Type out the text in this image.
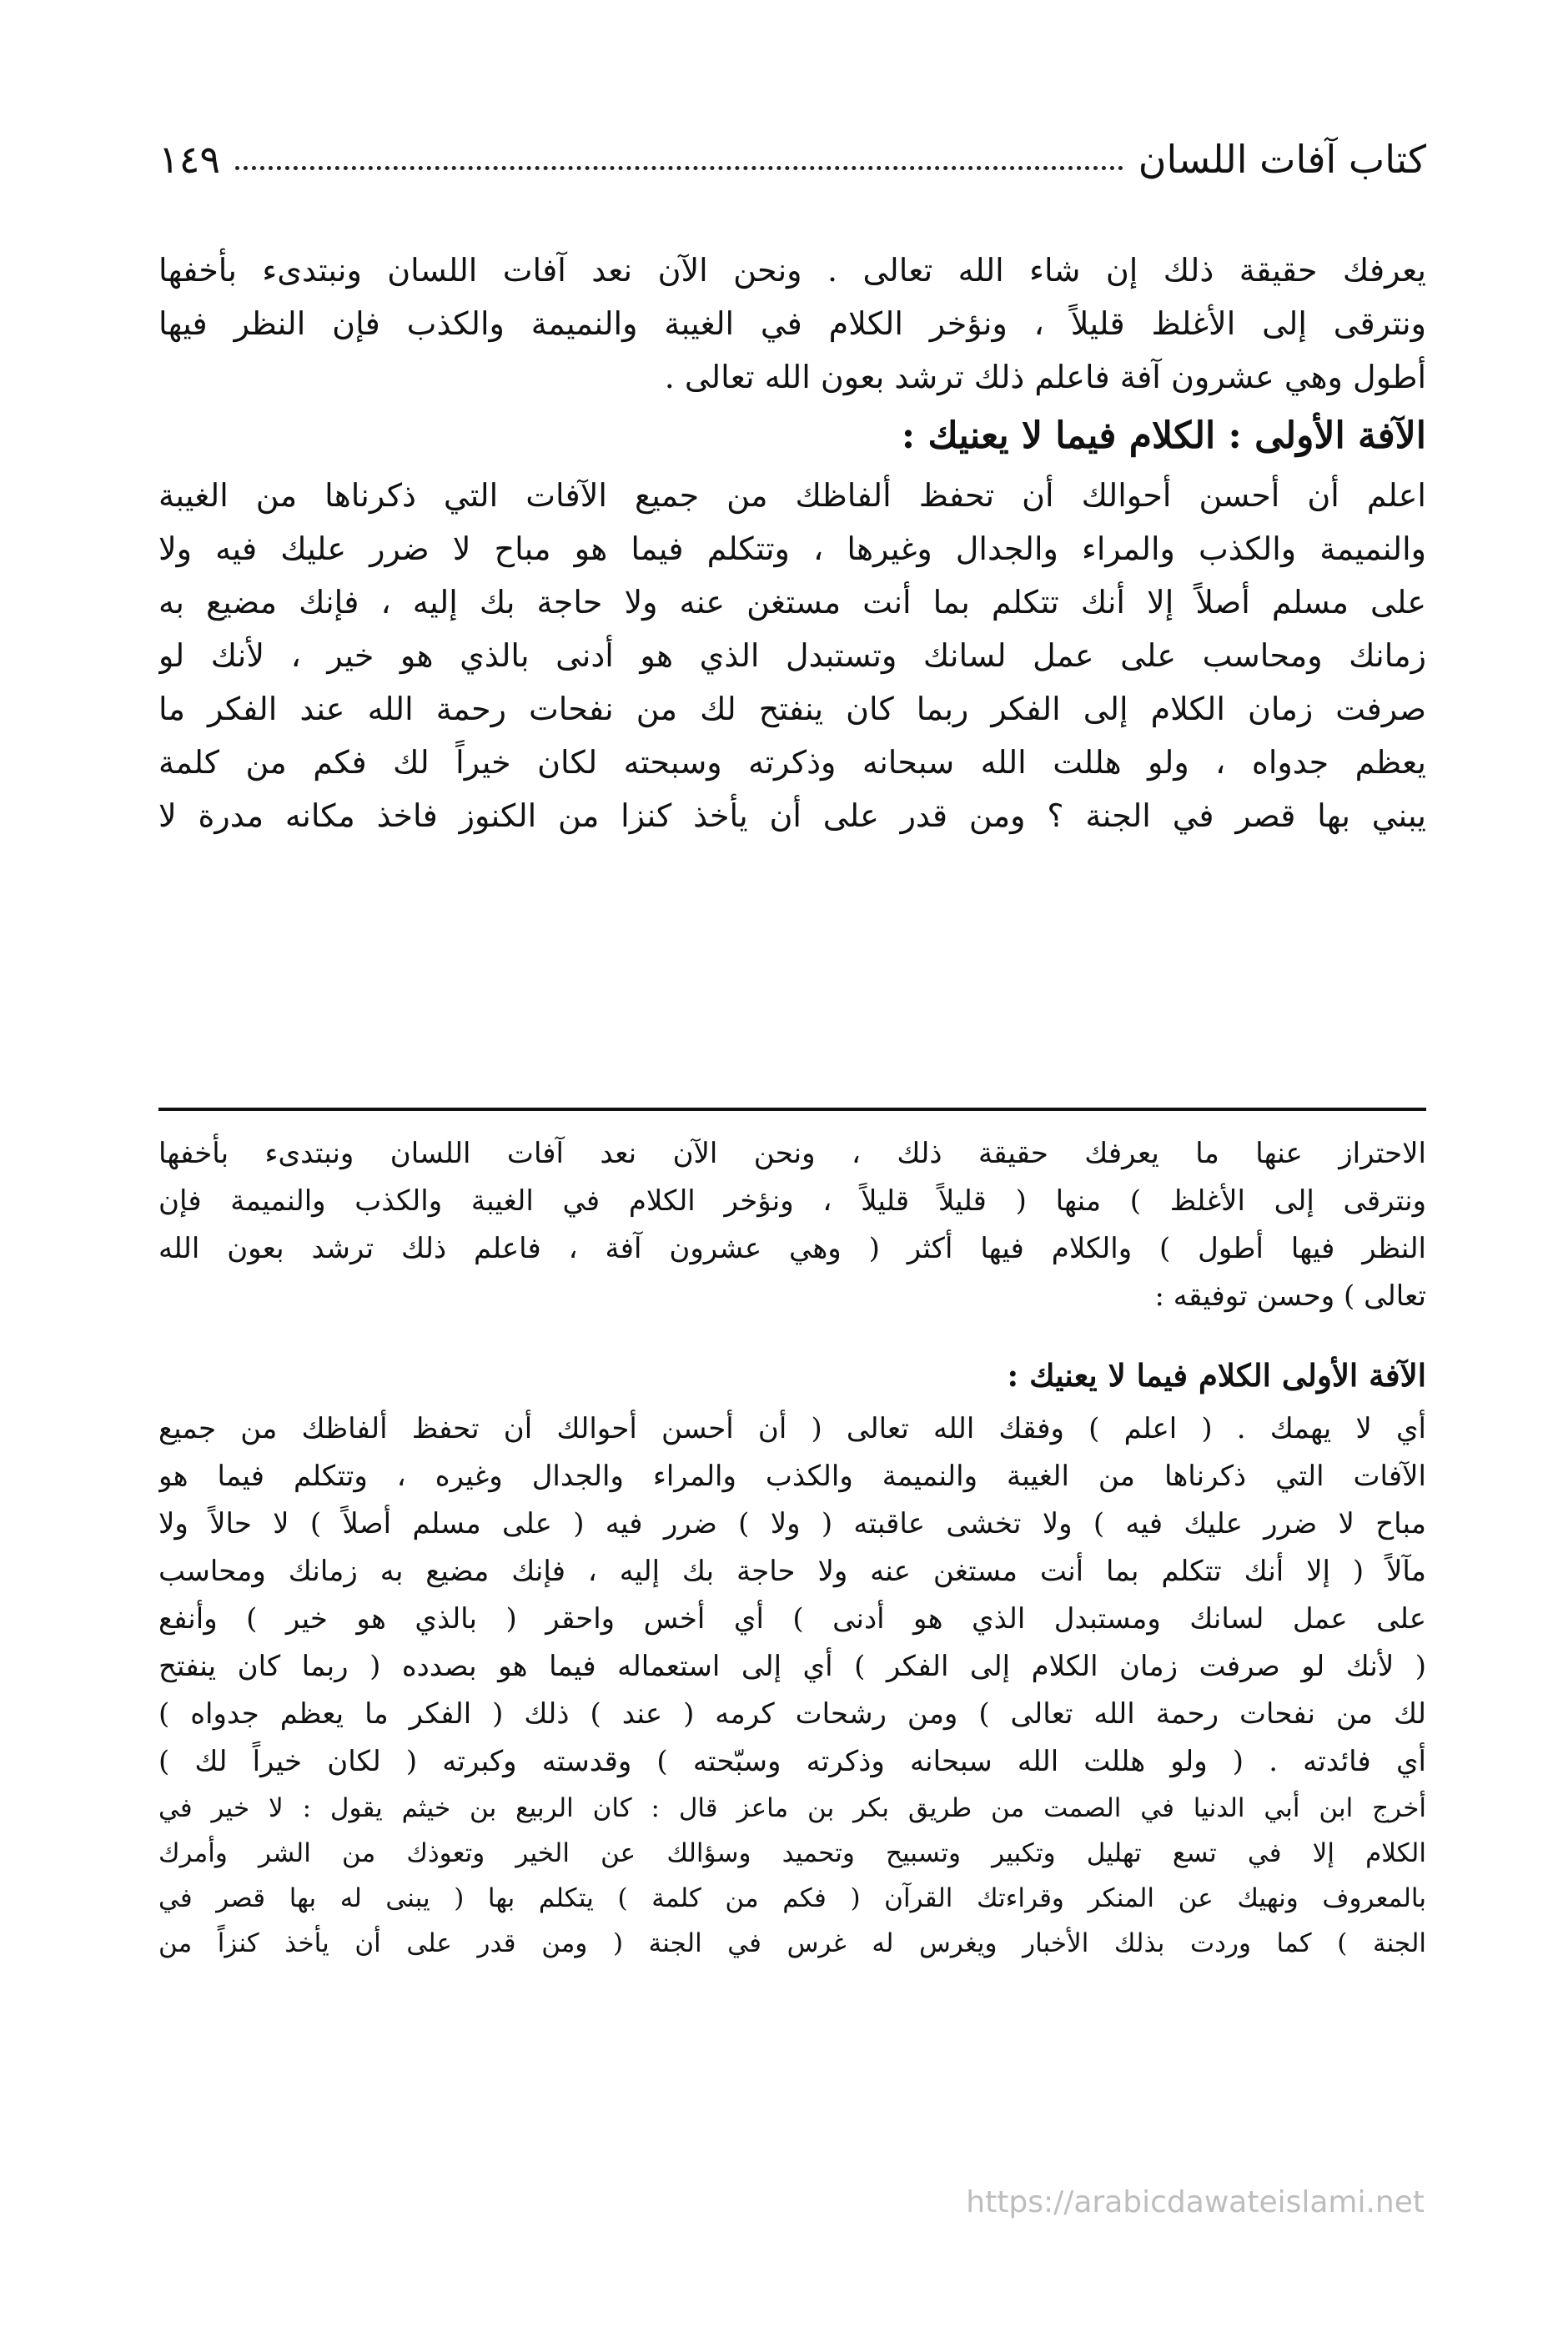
كتاب آفات اللسان
١٤٩
يعرفك حقيقة ذلك إن شاء الله تعالى . ونحن الآن نعد آفات اللسان ونبتدىء بأخفها
ونترقى إلى الأغلظ قليلاً ، ونؤخر الكلام في الغيبة والنميمة والكذب فإن النظر فيها
أطول وهي عشرون آفة فاعلم ذلك ترشد بعون الله تعالى .
الآفة الأولى : الكلام فيما لا يعنيك :
اعلم أن أحسن أحوالك أن تحفظ ألفاظك من جميع الآفات التي ذكرناها من الغيبة
والنميمة والكذب والمراء والجدال وغيرها ، وتتكلم فيما هو مباح لا ضرر عليك فيه ولا
على مسلم أصلاً إلا أنك تتكلم بما أنت مستغن عنه ولا حاجة بك إليه ، فإنك مضيع به
زمانك ومحاسب على عمل لسانك وتستبدل الذي هو أدنى بالذي هو خير ، لأنك لو
صرفت زمان الكلام إلى الفكر ربما كان ينفتح لك من نفحات رحمة الله عند الفكر ما
يعظم جدواه ، ولو هللت الله سبحانه وذكرته وسبحته لكان خيراً لك فكم من كلمة
يبني بها قصر في الجنة ؟ ومن قدر على أن يأخذ كنزا من الكنوز فاخذ مكانه مدرة لا
الاحتراز عنها ما يعرفك حقيقة ذلك ، ونحن الآن نعد آفات اللسان ونبتدىء بأخفها
ونترقى إلى الأغلظ ) منها ( قليلاً قليلاً ، ونؤخر الكلام في الغيبة والكذب والنميمة فإن
النظر فيها أطول ) والكلام فيها أكثر ( وهي عشرون آفة ، فاعلم ذلك ترشد بعون الله
تعالى ) وحسن توفيقه :
الآفة الأولى الكلام فيما لا يعنيك :
أي لا يهمك . ( اعلم ) وفقك الله تعالى ( أن أحسن أحوالك أن تحفظ ألفاظك من جميع
الآفات التي ذكرناها من الغيبة والنميمة والكذب والمراء والجدال وغيره ، وتتكلم فيما هو
مباح لا ضرر عليك فيه ) ولا تخشى عاقبته ( ولا ) ضرر فيه ( على مسلم أصلاً ) لا حالاً ولا
مآلاً ( إلا أنك تتكلم بما أنت مستغن عنه ولا حاجة بك إليه ، فإنك مضيع به زمانك ومحاسب
على عمل لسانك ومستبدل الذي هو أدنى ) أي أخس واحقر ( بالذي هو خير ) وأنفع
( لأنك لو صرفت زمان الكلام إلى الفكر ) أي إلى استعماله فيما هو بصدده ( ربما كان ينفتح
لك من نفحات رحمة الله تعالى ) ومن رشحات كرمه ( عند ) ذلك ( الفكر ما يعظم جدواه )
أي فائدته . ( ولو هللت الله سبحانه وذكرته وسبّحته ) وقدسته وكبرته ( لكان خيراً لك )
أخرج ابن أبي الدنيا في الصمت من طريق بكر بن ماعز قال : كان الربيع بن خيثم يقول : لا خير في
الكلام إلا في تسع تهليل وتكبير وتسبيح وتحميد وسؤالك عن الخير وتعوذك من الشر وأمرك
بالمعروف ونهيك عن المنكر وقراءتك القرآن ( فكم من كلمة ) يتكلم بها ( يبنى له بها قصر في
الجنة ) كما وردت بذلك الأخبار ويغرس له غرس في الجنة ( ومن قدر على أن يأخذ كنزاً من
https://arabicdawateislami.net
